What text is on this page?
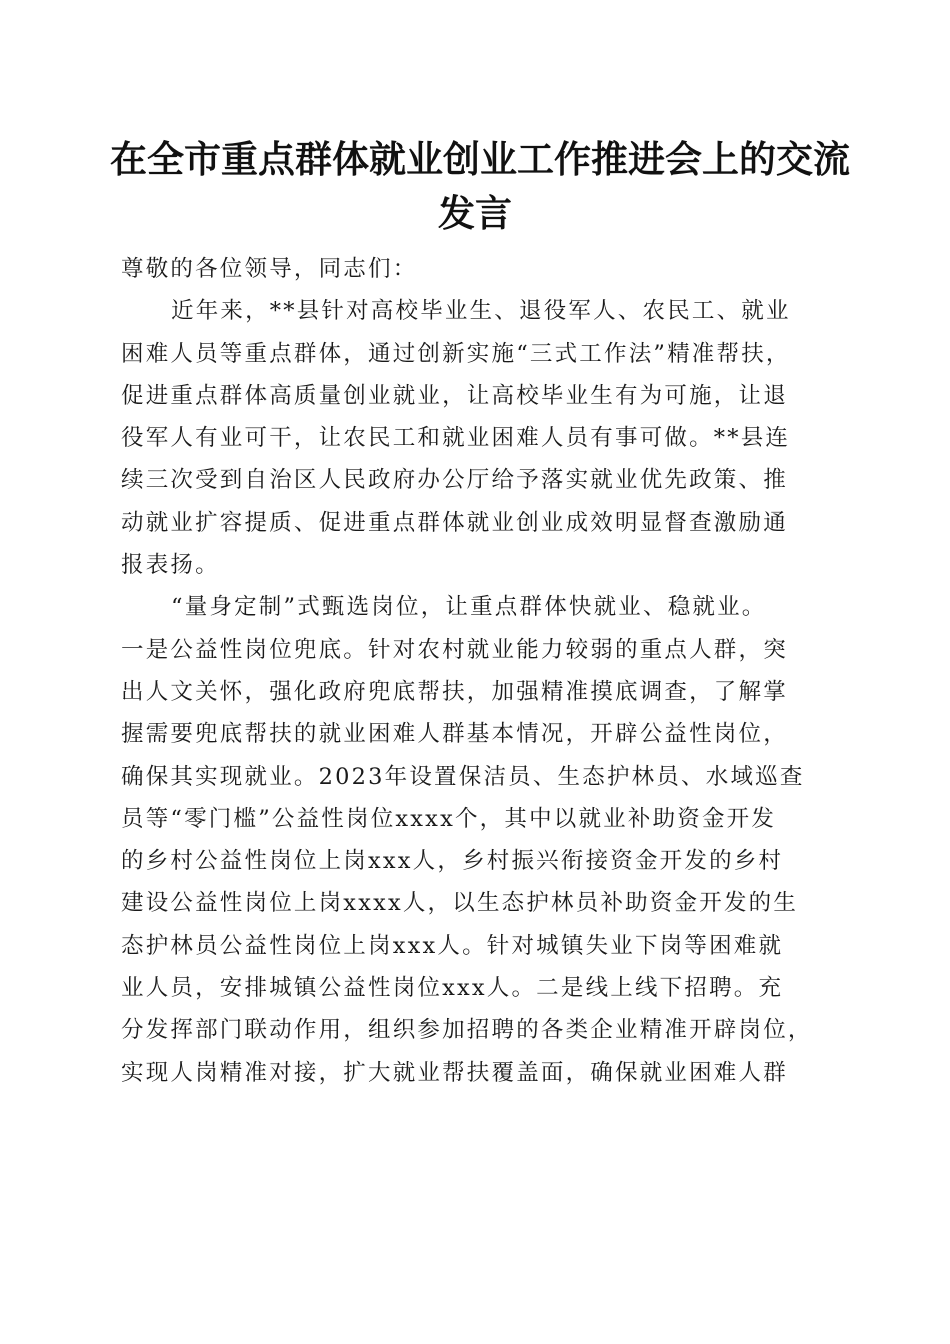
在全市重点群体就业创业工作推进会上的交流
发言
尊敬的各位领导，同志们：
近年来，**县针对高校毕业生、退役军人、农民工、就业
困难人员等重点群体，通过创新实施“三式工作法”精准帮扶，
促进重点群体高质量创业就业，让高校毕业生有为可施，让退
役军人有业可干，让农民工和就业困难人员有事可做。**县连
续三次受到自治区人民政府办公厅给予落实就业优先政策、推
动就业扩容提质、促进重点群体就业创业成效明显督查激励通
报表扬。
“量身定制”式甄选岗位，让重点群体快就业、稳就业。
一是公益性岗位兜底。针对农村就业能力较弱的重点人群，突
出人文关怀，强化政府兜底帮扶，加强精准摸底调查，了解掌
握需要兜底帮扶的就业困难人群基本情况，开辟公益性岗位，
确保其实现就业。2023年设置保洁员、生态护林员、水域巡查
员等“零门槛”公益性岗位xxxx个，其中以就业补助资金开发
的乡村公益性岗位上岗xxx人，乡村振兴衔接资金开发的乡村
建设公益性岗位上岗xxxx人，以生态护林员补助资金开发的生
态护林员公益性岗位上岗xxx人。针对城镇失业下岗等困难就
业人员，安排城镇公益性岗位xxx人。二是线上线下招聘。充
分发挥部门联动作用，组织参加招聘的各类企业精准开辟岗位，
实现人岗精准对接，扩大就业帮扶覆盖面，确保就业困难人群
